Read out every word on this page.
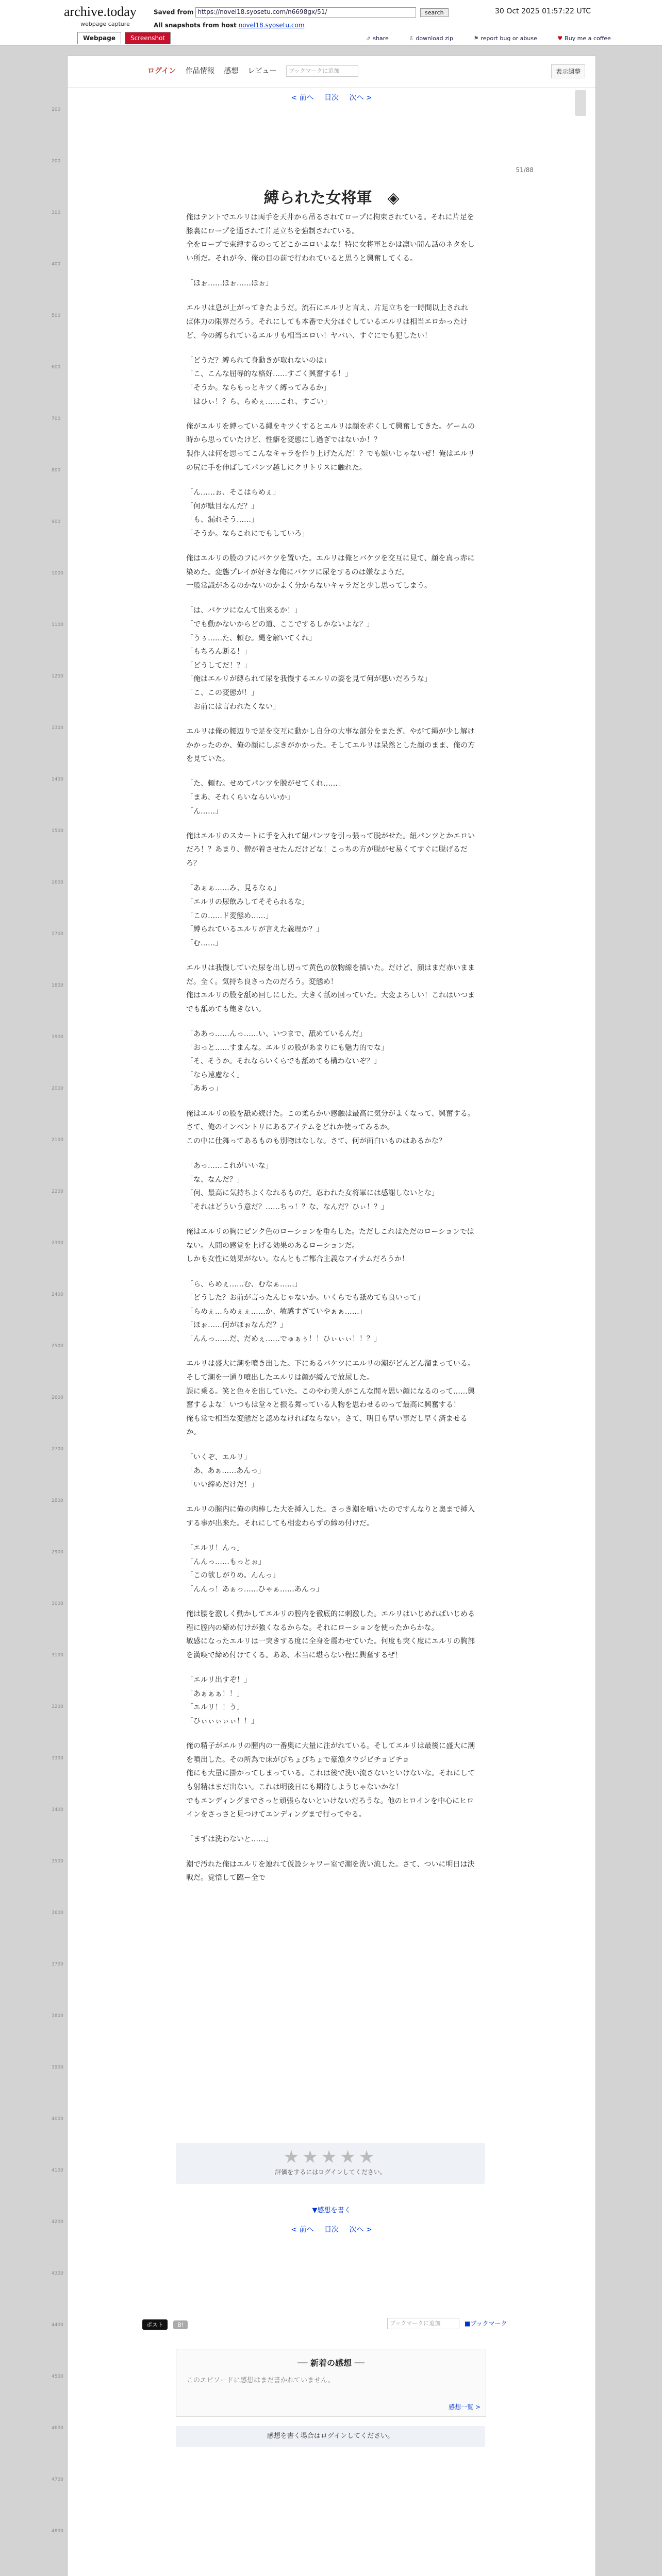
archive.today
webpage capture
Saved from https://novel18.syosetu.com/n6698gx/51/	search
All snapshots from host novel18.syosetu.com
30 Oct 2025 01:57:22 UTC
Webpage Screenshot	⇗ share	⇩ download zip	⚑ report bug or abuse	♥ Buy me a coffee
100
200
300
400
500
600
700
800
900
1000
1100
1200
1300
1400
1500
1600
1700
1800
1900
2000
2100
2200
2300
2400
2500
2600
2700
2800
2900
3000
3100
3200
3300
3400
3500
3600
3700
3800
3900
4000
4100
4200
4300
4400
4500
4600
4700
4800
ログイン 作品情報 感想 レビュー ブックマークに追加	表示調整
< 前へ 目次 次へ >
51/88
縛られた女将軍　◈

俺はテントでエルリは両手を天井から吊るされてロープに拘束されている。それに片足を膝裏にロープを通されて片足立ちを強制されている。
全をロープで束縛するのってどこかエロいよな！特に女将軍とかは凛い間ん話のネタをしい所だ。それが今、俺の目の前で行われていると思うと興奮してくる。

「ほぉ……ほぉ……ほぉ」

エルリは息が上がってきたようだ。流石にエルリと言え、片足立ちを一時間以上されれば体力の限界だろう。それにしても本番で大分ほぐしているエルリは相当エロかったけど、今の縛られているエルリも相当エロい！ヤバい、すぐにでも犯したい！

「どうだ？縛られて身動きが取れないのは」
「こ、こんな屈辱的な格好……すごく興奮する！」
「そうか。ならもっとキツく縛ってみるか」
「はひぃ！？ら、らめぇ……これ、すごい」

俺がエルリを縛っている縄をキツくするとエルリは顔を赤くして興奮してきた。ゲームの時から思っていたけど、性癖を変態にし過ぎではないか！？
製作人は何を思ってこんなキャラを作り上げたんだ！？でも嫌いじゃないぜ！俺はエルリの尻に手を伸ばしてパンツ越しにクリトリスに触れた。

「ん……ぉ、そこはらめぇ」
「何が駄目なんだ？」
「も、漏れそう……」
「そうか。ならこれにでもしていろ」

俺はエルリの股のフにバケツを置いた。エルリは俺とバケツを交互に見て、顔を真っ赤に染めた。変態プレイが好きな俺にバケツに尿をするのは嫌なようだ。
一般常識があるのかないのかよく分からないキャラだと少し思ってしまう。

「は、バケツになんて出来るか！」
「でも動かないからどの道、ここでするしかないよな？」
「うぅ……た、頼む。縄を解いてくれ」
「もちろん断る！」
「どうしてだ！？」
「俺はエルリが縛られて尿を我慢するエルリの姿を見て何が悪いだろうな」
「こ、この変態が！」
「お前には言われたくない」

エルリは俺の腰辺りで足を交互に動かし自分の大事な部分をまたぎ、やがて縄が少し解けかかったのか、俺の顔にしぶきがかかった。そしてエルリは呆然とした顔のまま、俺の方を見ていた。

「た、頼む。せめてパンツを脱がせてくれ……」
「まあ、それくらいならいいか」
「ん……」

俺はエルリのスカートに手を入れて紐パンツを引っ張って脱がせた。紐パンツとかエロいだろ！？あまり、僧が着させたんだけどな！こっちの方が脱がせ易くてすぐに脱げるだろ？

「あぁぁ……み、見るなぁ」
「エルリの尿飲みしてそそられるな」
「この……ド変態め……」
「縛られているエルリが言えた義理か？」
「む……」

エルリは我慢していた尿を出し切って黄色の放物線を描いた。だけど、顔はまだ赤いままだ。全く。気持ち良さったのだろう。変態め！
俺はエルリの股を舐め回しにした。大きく舐め回っていた。大変よろしい！これはいつまでも舐めても飽きない。

「ああっ……んっ……い、いつまで、舐めているんだ」
「おっと……すまんな。エルリの股があまりにも魅力的でな」
「そ、そうか。それならいくらでも舐めても構わないぞ？」
「なら遠慮なく」
「ああっ」

俺はエルリの股を舐め続けた。この柔らかい感触は最高に気分がよくなって、興奮する。さて、俺のインベントリにあるアイテムをどれか使ってみるか。
この中に仕舞ってあるものも別物はなしな。さて、何が面白いものはあるかな？

「あっ……これがいいな」
「な、なんだ？」
「何、最高に気持ちよくなれるものだ。忍われた女将軍には感謝しないとな」
「それはどういう意だ？……ちっ！？な、なんだ？ひぃ！？」

俺はエルリの胸にピンク色のローションを垂らした。ただしこれはただのローションではない。人間の感覚を上げる効果のあるローションだ。
しかも女性に効果がない。なんともご都合主義なアイテムだろうか！

「ら、らめぇ……む、むなぁ……」
「どうした？お前が言ったんじゃないか。いくらでも舐めても良いって」
「らめぇ…らめぇぇ……か、敏感すぎていやぁぁ……」
「ほぉ……何がほぉなんだ？」
「んんっ……だ、だめぇ……でゅぁぅ！！ひぃぃぃ！！？」

エルリは盛大に潮を噴き出した。下にあるバケツにエルリの潮がどんどん溜まっている。そして潮を一通り噴出したエルリは顔が緩んで放尿した。
誤に乗る。笑と色々を出していた。このやわ美人がこんな間々思い顔になるのって……興奮するよな！いつもは堂々と振る舞っている人物を思わせるのって最高に興奮する！
俺も常で相当な変態だと認めなければならない。さて、明日も早い事だし早く済ませるか。

「いくぞ、エルリ」
「あ、あぁ……あんっ」
「いい締めだけだ！」

エルリの膣内に俺の肉棒した大を挿入した。さっき潮を噴いたのですんなりと奥まで挿入する事が出来た。それにしても相変わらずの締め付けだ。

「エルリ！んっ」
「んんっ……もっとぉ」
「この欲しがりめ。んんっ」
「んんっ！あぁっ……ひゃぁ……あんっ」

俺は腰を激しく動かしてエルリの膣内を徹底的に刺激した。エルリはいじめればいじめる程に膣内の締め付けが強くなるからな。それにローションを使ったからかな。
敏感になったエルリは一突きする度に全身を震わせていた。何度も突く度にエルリの胸部を満喫で締め付けてくる。ああ、本当に堪らない程に興奮するぜ！

「エルリ出すぞ！」
「あぁぁぁ！！」
「エルリ！！う」
「ひぃぃぃぃぃ！！」

俺の精子がエルリの膣内の一番奥に大量に注がれている。そしてエルリは最後に盛大に潮を噴出した。その所為で床がびちょびちょで豪漁タウジビチョビチョ
俺にも大量に掛かってしまっている。これは後で洗い流さないといけないな。それにしても射精はまだ出ない。これは明後日にも期待しようじゃないかな！
でもエンディングまでさっと頑張らないといけないだろうな。他のヒロインを中心にヒロインをさっさと見つけてエンディングまで行ってやる。

「まずは洗わないと……」

潮で汚れた俺はエルリを連れて仮設シャワー室で潮を洗い流した。さて、ついに明日は決戦だ。覚悟して臨ー全で

★★★★★
評価をするにはログインしてください。
▼感想を書く
< 前へ 目次 次へ >
ポスト B!	ブックマークに追加	■ブックマーク
── 新着の感想 ──
このエピソードに感想はまだ書かれていません。
感想一覧 >
感想を書く場合はログインしてください。
